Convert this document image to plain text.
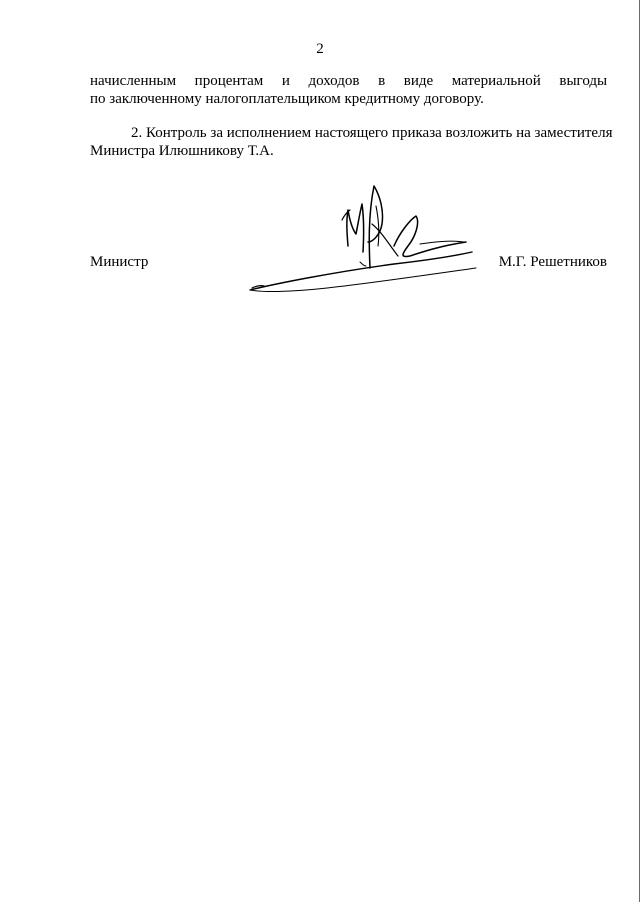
2
начисленным процентам и доходов в виде материальной выгоды
по заключенному налогоплательщиком кредитному договору.
2. Контроль за исполнением настоящего приказа возложить на заместителя
Министра Илюшникову Т.А.
Министр	М.Г. Решетников
